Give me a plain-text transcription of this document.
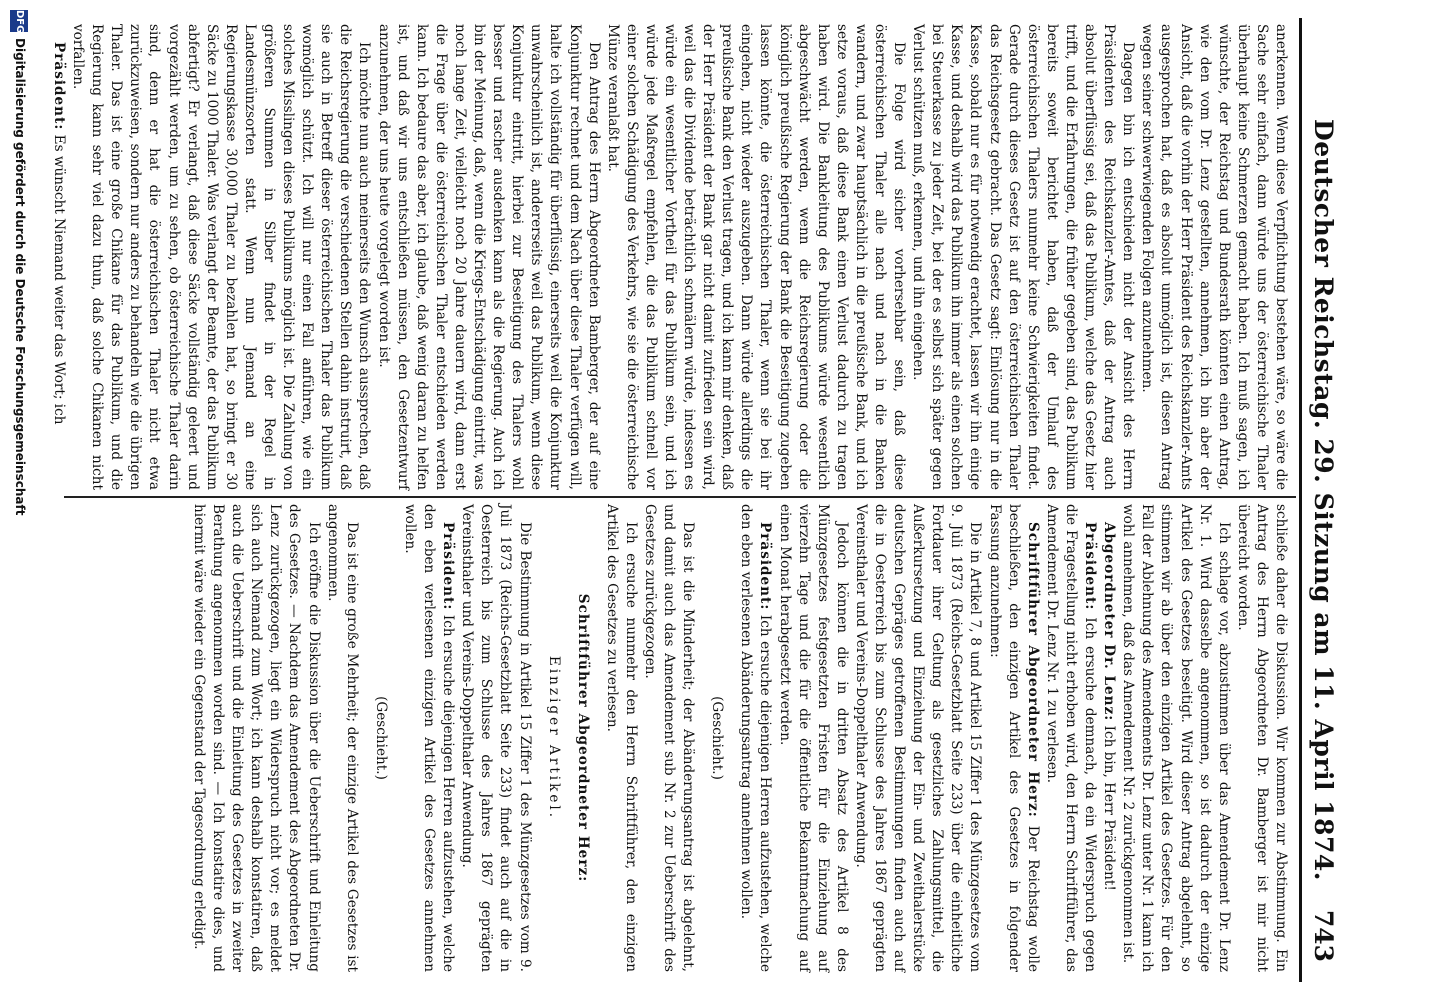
Deutscher Reichstag. 29. Sitzung am 11. April 1874.
743

anerkennen. Wenn diese Verpflichtung bestehen wäre, so wäre die Sache sehr einfach, dann würde uns der österreichische Thaler überhaupt keine Schmerzen gemacht haben. Ich muß sagen, ich wünschte, der Reichstag und Bundesrath könnten einen Antrag, wie den vom Dr. Lenz gestellten, annehmen, ich bin aber der Ansicht, daß die vorhin der Herr Präsident des Reichskanzler-Amts ausgesprochen hat, daß es absolut unmöglich ist, diesen Antrag wegen seiner schwerwiegenden Folgen anzunehmen.

Dagegen bin ich entschieden nicht der Ansicht des Herrn Präsidenten des Reichskanzler-Amtes, daß der Antrag auch absolut überflüssig sei, daß das Publikum, welche das Gesetz hier trifft, und die Erfahrungen, die früher gegeben sind, das Publikum bereits soweit berichtet haben, daß der Umlauf des österreichischen Thalers nunmehr keine Schwierigkeiten findet. Gerade durch dieses Gesetz ist auf den österreichischen Thaler das Reichsgesetz gebracht. Das Gesetz sagt: Einlösung nur in die Kasse, sobald nur es für notwendig erachtet, lassen wir ihn einige Kasse, und deshalb wird das Publikum ihn immer als einen solchen bei Steuerkasse zu jeder Zeit, bei der es selbst sich später gegen Verlust schützen muß, erkennen, und ihn eingehen.

Die Folge wird sicher vorhersehbar sein, daß diese österreichischen Thaler alle nach und nach in die Banken wandern, und zwar hauptsächlich in die preußische Bank, und ich setze voraus, daß diese Bank einen Verlust dadurch zu tragen haben wird. Die Bankleitung des Publikums würde wesentlich abgeschwächt werden, wenn die Reichsregierung oder die königlich preußische Regierung der Bank die Beseitigung zugeben lassen könnte, die österreichischen Thaler, wenn sie bei ihr eingehen, nicht wieder auszugeben. Dann würde allerdings die preußische Bank den Verlust tragen, und ich kann mir denken, daß der Herr Präsident der Bank gar nicht damit zufrieden sein wird, weil das die Dividende beträchtlich schmälern würde, indessen es würde ein wesentlicher Vortheil für das Publikum sein, und ich würde jede Maßregel empfehlen, die das Publikum schnell vor einer solchen Schädigung des Verkehrs, wie sie die österreichische Münze veranlaßt hat.

Den Antrag des Herrn Abgeordneten Bamberger, der auf eine Konjunktur rechnet und dem Nach über diese Thaler verfügen will, halte ich vollständig für überflüssig, einerseits weil die Konjunktur unwahrscheinlich ist, andererseits weil das Publikum, wenn diese Konjunktur eintritt, hierbei zur Beseitigung des Thalers wohl besser und rascher ausdenken kann als die Regierung. Auch ich bin der Meinung, daß, wenn die Kriegs-Entschädigung eintritt, was noch lange Zeit, vielleicht noch 20 Jahre dauern wird, dann erst die Frage über die österreichischen Thaler entschieden werden kann. Ich bedaure das aber, ich glaube, daß wenig daran zu helfen ist, und daß wir uns entschließen müssen, den Gesetzentwurf anzunehmen, der uns heute vorgelegt worden ist.

Ich möchte nun auch meinerseits den Wunsch aussprechen, daß die Reichsregierung die verschiedenen Stellen dahin instruirt, daß sie auch in Betreff dieser österreichischen Thaler das Publikum womöglich schützt. Ich will nur einen Fall anführen, wie ein solches Misslingen dieses Publikums möglich ist. Die Zahlung von größeren Summen in Silber findet in der Regel in Landesmünzsorten statt. Wenn nun Jemand an eine Regierungskasse 30,000 Thaler zu bezahlen hat, so bringt er 30 Säcke zu 1000 Thaler. Was verlangt der Beamte, der das Publikum abfertigt? Er verlangt, daß diese Säcke vollständig geleert und vorgezählt werden, um zu sehen, ob österreichische Thaler darin sind, denn er hat die österreichischen Thaler nicht etwa zurückzuweisen, sondern nur anders zu behandeln wie die übrigen Thaler. Das ist eine große Chikane für das Publikum, und die Regierung kann sehr viel dazu thun, daß solche Chikanen nicht vorfallen.

Präsident: Es wünscht Niemand weiter das Wort; ich

schließe daher die Diskussion. Wir kommen zur Abstimmung. Ein Antrag des Herrn Abgeordneten Dr. Bamberger ist mir nicht übereicht worden.

Ich schlage vor, abzustimmen über das Amendement Dr. Lenz Nr. 1. Wird dasselbe angenommen, so ist dadurch der einzige Artikel des Gesetzes beseitigt. Wird dieser Antrag abgelehnt, so stimmen wir ab über den einzigen Artikel des Gesetzes. Für den Fall der Ablehnung des Amendements Dr. Lenz unter Nr. 1 kann ich wohl annehmen, daß das Amendement Nr. 2 zurückgenommen ist.

Abgeordneter Dr. Lenz: Ich bin, Herr Präsident!

Präsident: Ich ersuche demnach, da ein Widerspruch gegen die Fragestellung nicht erhoben wird, den Herrn Schriftführer, das Amendement Dr. Lenz Nr. 1 zu verlesen.

Schriftführer Abgeordneter Herz: Der Reichstag wolle beschließen, den einzigen Artikel des Gesetzes in folgender Fassung anzunehmen:

Die in Artikel 7, 8 und Artikel 15 Ziffer 1 des Münzgesetzes vom 9. Juli 1873 (Reichs-Gesetzblatt Seite 233) über die einheitliche Fortdauer ihrer Geltung als gesetzliches Zahlungsmittel, die Außerkursetzung und Einziehung der Ein- und Zweithalerstücke deutschen Gepräges getroffenen Bestimmungen finden auch auf die in Oesterreich bis zum Schlusse des Jahres 1867 geprägten Vereinsthaler und Vereins-Doppelthaler Anwendung.

Jedoch können die in dritten Absatz des Artikel 8 des Münzgesetzes festgesetzten Fristen für die Einziehung auf vierzehn Tage und die für die öffentliche Bekanntmachung auf einen Monat herabgesetzt werden.

Präsident: Ich ersuche diejenigen Herren aufzustehen, welche den eben verlesenen Abänderungsantrag annehmen wollen.

(Geschieht.)

Das ist die Minderheit; der Abänderungsantrag ist abgelehnt, und damit auch das Amendement sub Nr. 2 zur Ueberschrift des Gesetzes zurückgezogen.

Ich ersuche nunmehr den Herrn Schriftführer, den einzigen Artikel des Gesetzes zu verlesen.

Schriftführer Abgeordneter Herz:

Einziger Artikel.

Die Bestimmung in Artikel 15 Ziffer 1 des Münzgesetzes vom 9. Juli 1873 (Reichs-Gesetzblatt Seite 233) findet auch auf die in Oesterreich bis zum Schlusse des Jahres 1867 geprägten Vereinsthaler und Vereins-Doppelthaler Anwendung.

Präsident: Ich ersuche diejenigen Herren aufzustehen, welche den eben verlesenen einzigen Artikel des Gesetzes annehmen wollen.

(Geschieht.)

Das ist eine große Mehrheit; der einzige Artikel des Gesetzes ist angenommen.

Ich eröffne die Diskussion über die Ueberschrift und Einleitung des Gesetzes. — Nachdem das Amendement des Abgeordneten Dr. Lenz zurückgezogen, liegt ein Widerspruch nicht vor; es meldet sich auch Niemand zum Wort; ich kann deshalb konstatiren, daß auch die Ueberschrift und die Einleitung des Gesetzes in zweiter Berathung angenommen worden sind. — Ich konstatire dies, und hiermit wäre wieder ein Gegenstand der Tagesordnung erledigt.

DFG
Digitalisierung gefördert durch die Deutsche Forschungsgemeinschaft
